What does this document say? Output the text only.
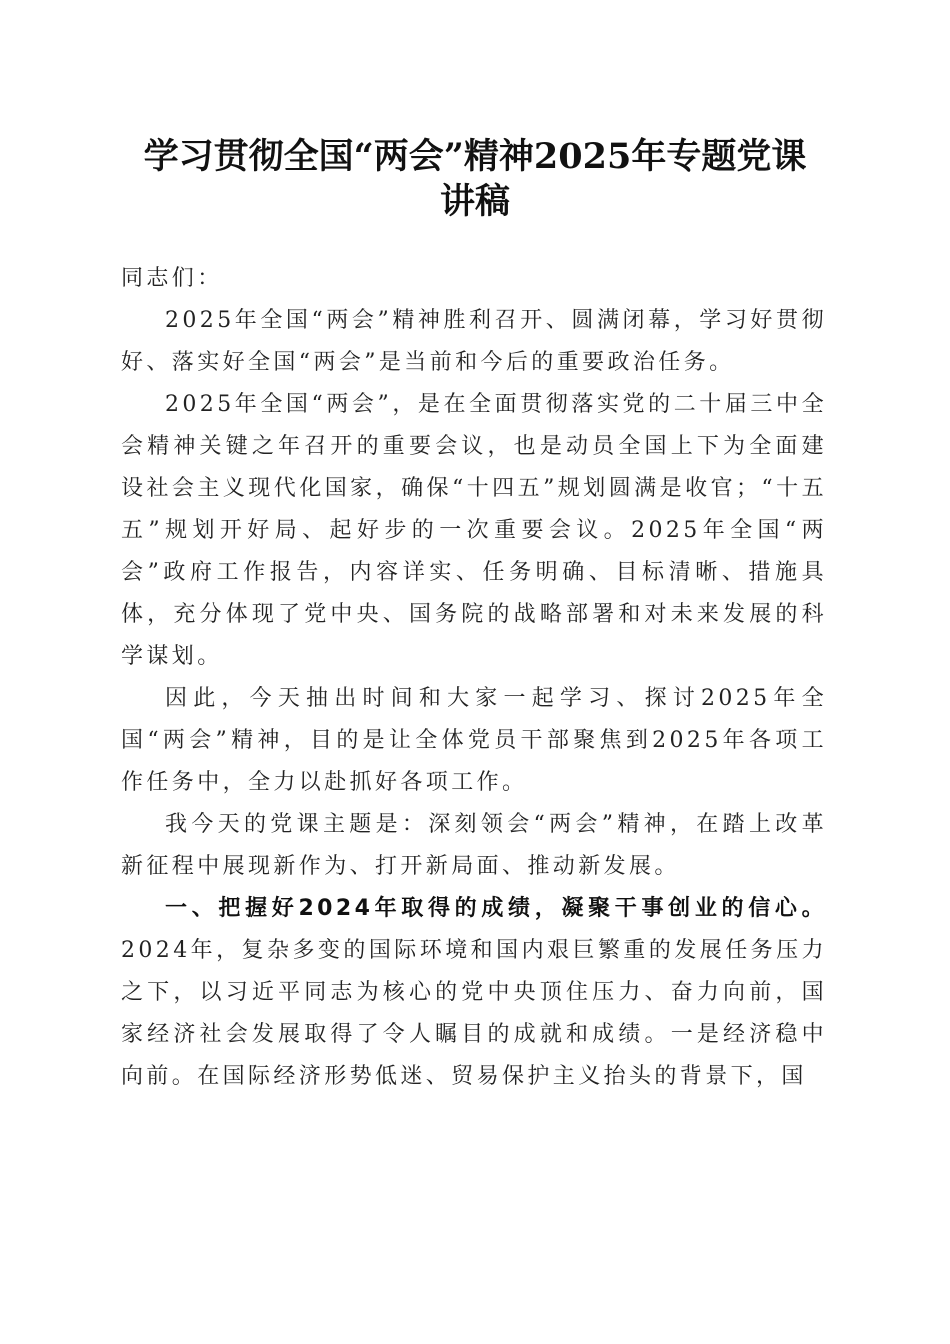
学习贯彻全国“两会”精神2025年专题党课
讲稿

同志们：

2025年全国“两会”精神胜利召开、圆满闭幕，学习好贯彻好、落实好全国“两会”是当前和今后的重要政治任务。

2025年全国“两会”，是在全面贯彻落实党的二十届三中全会精神关键之年召开的重要会议，也是动员全国上下为全面建设社会主义现代化国家，确保“十四五”规划圆满是收官；“十五五”规划开好局、起好步的一次重要会议。2025年全国“两会”政府工作报告，内容详实、任务明确、目标清晰、措施具体，充分体现了党中央、国务院的战略部署和对未来发展的科学谋划。

因此，今天抽出时间和大家一起学习、探讨2025年全国“两会”精神，目的是让全体党员干部聚焦到2025年各项工作任务中，全力以赴抓好各项工作。

我今天的党课主题是：深刻领会“两会”精神，在踏上改革新征程中展现新作为、打开新局面、推动新发展。

一、把握好2024年取得的成绩，凝聚干事创业的信心。2024年，复杂多变的国际环境和国内艰巨繁重的发展任务压力之下，以习近平同志为核心的党中央顶住压力、奋力向前，国家经济社会发展取得了令人瞩目的成就和成绩。一是经济稳中向前。在国际经济形势低迷、贸易保护主义抬头的背景下，国
